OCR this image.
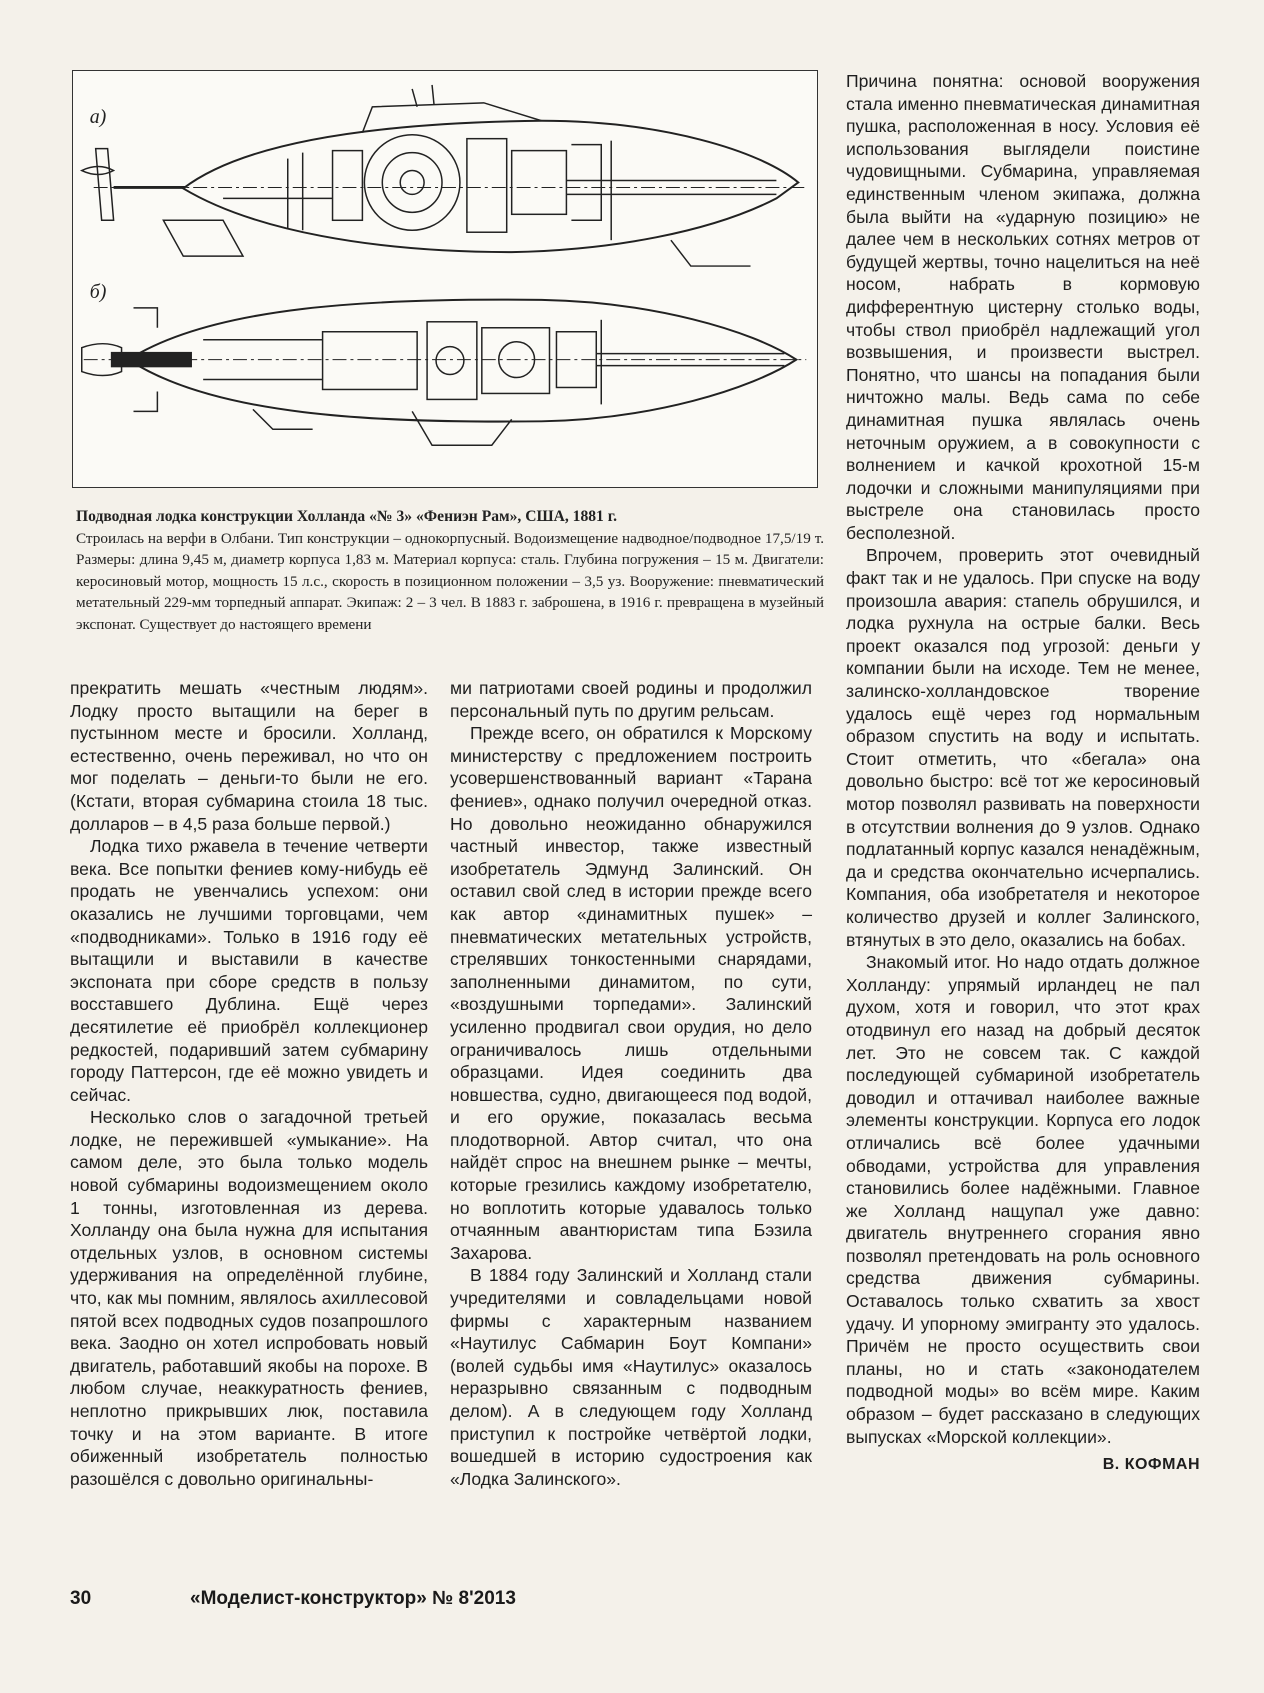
а)
б)
Подводная лодка конструкции Холланда «№ 3» «Фениэн Рам», США, 1881 г.
Строилась на верфи в Олбани. Тип конструкции – однокорпусный. Водоизмещение надводное/подводное 17,5/19 т. Размеры: длина 9,45 м, диаметр корпуса 1,83 м. Материал корпуса: сталь. Глубина погружения – 15 м. Двигатели: керосиновый мотор, мощность 15 л.с., скорость в позиционном положении – 3,5 уз. Вооружение: пневматический метательный 229-мм торпедный аппарат. Экипаж: 2 – 3 чел. В 1883 г. заброшена, в 1916 г. превращена в музейный экспонат. Существует до настоящего времени

прекратить мешать «честным людям». Лодку просто вытащили на берег в пустынном месте и бросили. Холланд, естественно, очень переживал, но что он мог поделать – деньги-то были не его. (Кстати, вторая субмарина стоила 18 тыс. долларов – в 4,5 раза больше первой.)

Лодка тихо ржавела в течение четверти века. Все попытки фениев кому-нибудь её продать не увенчались успехом: они оказались не лучшими торговцами, чем «подводниками». Только в 1916 году её вытащили и выставили в качестве экспоната при сборе средств в пользу восставшего Дублина. Ещё через десятилетие её приобрёл коллекционер редкостей, подаривший затем субмарину городу Паттерсон, где её можно увидеть и сейчас.

Несколько слов о загадочной третьей лодке, не пережившей «умыкание». На самом деле, это была только модель новой субмарины водоизмещением около 1 тонны, изготовленная из дерева. Холланду она была нужна для испытания отдельных узлов, в основном системы удерживания на определённой глубине, что, как мы помним, являлось ахиллесовой пятой всех подводных судов позапрошлого века. Заодно он хотел испробовать новый двигатель, работавший якобы на порохе. В любом случае, неаккуратность фениев, неплотно прикрывших люк, поставила точку и на этом варианте. В итоге обиженный изобретатель полностью разошёлся с довольно оригинальны-

ми патриотами своей родины и продолжил персональный путь по другим рельсам.

Прежде всего, он обратился к Морскому министерству с предложением построить усовершенствованный вариант «Тарана фениев», однако получил очередной отказ. Но довольно неожиданно обнаружился частный инвестор, также известный изобретатель Эдмунд Залинский. Он оставил свой след в истории прежде всего как автор «динамитных пушек» – пневматических метательных устройств, стрелявших тонкостенными снарядами, заполненными динамитом, по сути, «воздушными торпедами». Залинский усиленно продвигал свои орудия, но дело ограничивалось лишь отдельными образцами. Идея соединить два новшества, судно, двигающееся под водой, и его оружие, показалась весьма плодотворной. Автор считал, что она найдёт спрос на внешнем рынке – мечты, которые грезились каждому изобретателю, но воплотить которые удавалось только отчаянным авантюристам типа Бэзила Захарова.

В 1884 году Залинский и Холланд стали учредителями и совладельцами новой фирмы с характерным названием «Наутилус Сабмарин Боут Компани» (волей судьбы имя «Наутилус» оказалось неразрывно связанным с подводным делом). А в следующем году Холланд приступил к постройке четвёртой лодки, вошедшей в историю судостроения как «Лодка Залинского».

Причина понятна: основой вооружения стала именно пневматическая динамитная пушка, расположенная в носу. Условия её использования выглядели поистине чудовищными. Субмарина, управляемая единственным членом экипажа, должна была выйти на «ударную позицию» не далее чем в нескольких сотнях метров от будущей жертвы, точно нацелиться на неё носом, набрать в кормовую дифферентную цистерну столько воды, чтобы ствол приобрёл надлежащий угол возвышения, и произвести выстрел. Понятно, что шансы на попадания были ничтожно малы. Ведь сама по себе динамитная пушка являлась очень неточным оружием, а в совокупности с волнением и качкой крохотной 15-м лодочки и сложными манипуляциями при выстреле она становилась просто бесполезной.

Впрочем, проверить этот очевидный факт так и не удалось. При спуске на воду произошла авария: стапель обрушился, и лодка рухнула на острые балки. Весь проект оказался под угрозой: деньги у компании были на исходе. Тем не менее, залинско-холландовское творение удалось ещё через год нормальным образом спустить на воду и испытать. Стоит отметить, что «бегала» она довольно быстро: всё тот же керосиновый мотор позволял развивать на поверхности в отсутствии волнения до 9 узлов. Однако подлатанный корпус казался ненадёжным, да и средства окончательно исчерпались. Компания, оба изобретателя и некоторое количество друзей и коллег Залинского, втянутых в это дело, оказались на бобах.

Знакомый итог. Но надо отдать должное Холланду: упрямый ирландец не пал духом, хотя и говорил, что этот крах отодвинул его назад на добрый десяток лет. Это не совсем так. С каждой последующей субмариной изобретатель доводил и оттачивал наиболее важные элементы конструкции. Корпуса его лодок отличались всё более удачными обводами, устройства для управления становились более надёжными. Главное же Холланд нащупал уже давно: двигатель внутреннего сгорания явно позволял претендовать на роль основного средства движения субмарины. Оставалось только схватить за хвост удачу. И упорному эмигранту это удалось. Причём не просто осуществить свои планы, но и стать «законодателем подводной моды» во всём мире. Каким образом – будет рассказано в следующих выпусках «Морской коллекции».

В. КОФМАН

30	«Моделист-конструктор» № 8'2013
